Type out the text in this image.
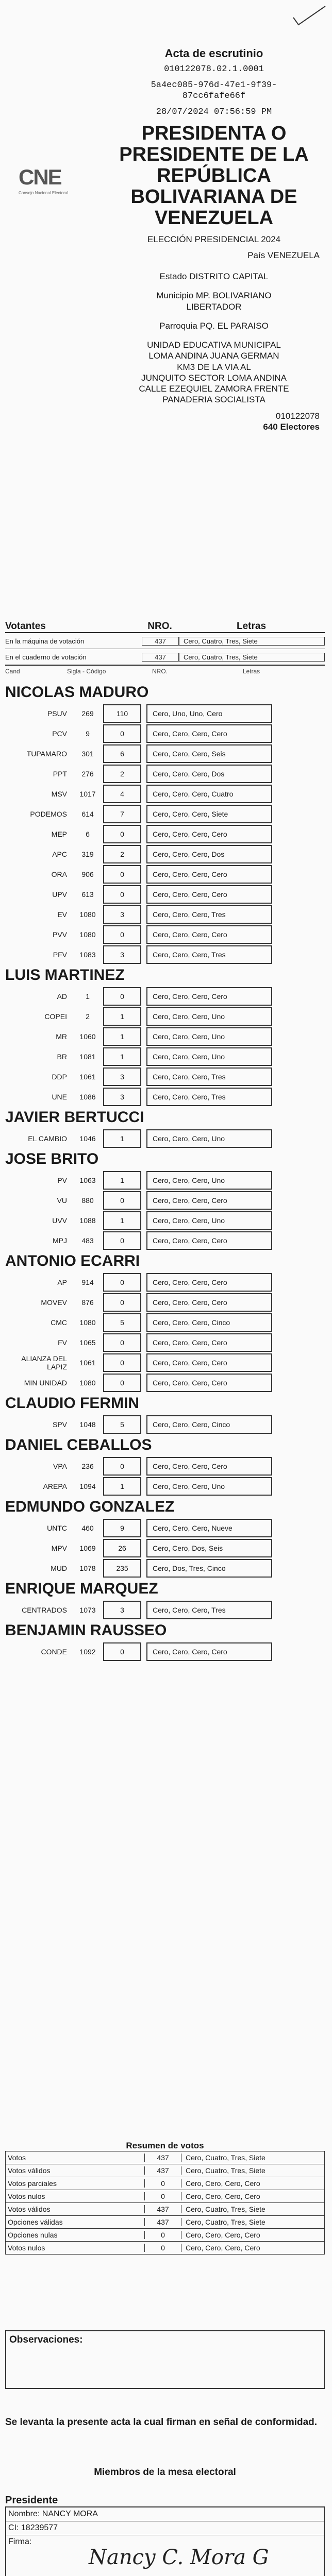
CNE
Consejo Nacional Electoral
Acta de escrutinio
010122078.02.1.0001
5a4ec085-976d-47e1-9f39-
87cc6fafe66f
28/07/2024 07:56:59 PM
PRESIDENTA O
PRESIDENTE DE LA
REPÚBLICA
BOLIVARIANA DE
VENEZUELA
ELECCIÓN PRESIDENCIAL 2024
País VENEZUELA
Estado DISTRITO CAPITAL
Municipio MP. BOLIVARIANO
LIBERTADOR
Parroquia PQ. EL PARAISO
UNIDAD EDUCATIVA MUNICIPAL
LOMA ANDINA JUANA GERMAN
KM3 DE LA VIA AL
JUNQUITO SECTOR LOMA ANDINA
CALLE EZEQUIEL ZAMORA FRENTE
PANADERIA SOCIALISTA
010122078
640 Electores
Votantes	NRO.	Letras
En la máquina de votación	437	Cero, Cuatro, Tres, Siete
En el cuaderno de votación	437	Cero, Cuatro, Tres, Siete
Cand	Sigla - Código	NRO.	Letras
NICOLAS MADURO
PSUV	269	110	Cero, Uno, Uno, Cero
PCV	9	0	Cero, Cero, Cero, Cero
TUPAMARO	301	6	Cero, Cero, Cero, Seis
PPT	276	2	Cero, Cero, Cero, Dos
MSV	1017	4	Cero, Cero, Cero, Cuatro
PODEMOS	614	7	Cero, Cero, Cero, Siete
MEP	6	0	Cero, Cero, Cero, Cero
APC	319	2	Cero, Cero, Cero, Dos
ORA	906	0	Cero, Cero, Cero, Cero
UPV	613	0	Cero, Cero, Cero, Cero
EV	1080	3	Cero, Cero, Cero, Tres
PVV	1080	0	Cero, Cero, Cero, Cero
PFV	1083	3	Cero, Cero, Cero, Tres
LUIS MARTINEZ
AD	1	0	Cero, Cero, Cero, Cero
COPEI	2	1	Cero, Cero, Cero, Uno
MR	1060	1	Cero, Cero, Cero, Uno
BR	1081	1	Cero, Cero, Cero, Uno
DDP	1061	3	Cero, Cero, Cero, Tres
UNE	1086	3	Cero, Cero, Cero, Tres
JAVIER BERTUCCI
EL CAMBIO	1046	1	Cero, Cero, Cero, Uno
JOSE BRITO
PV	1063	1	Cero, Cero, Cero, Uno
VU	880	0	Cero, Cero, Cero, Cero
UVV	1088	1	Cero, Cero, Cero, Uno
MPJ	483	0	Cero, Cero, Cero, Cero
ANTONIO ECARRI
AP	914	0	Cero, Cero, Cero, Cero
MOVEV	876	0	Cero, Cero, Cero, Cero
CMC	1080	5	Cero, Cero, Cero, Cinco
FV	1065	0	Cero, Cero, Cero, Cero
ALIANZA DEL LAPIZ	1061	0	Cero, Cero, Cero, Cero
MIN UNIDAD	1080	0	Cero, Cero, Cero, Cero
CLAUDIO FERMIN
SPV	1048	5	Cero, Cero, Cero, Cinco
DANIEL CEBALLOS
VPA	236	0	Cero, Cero, Cero, Cero
AREPA	1094	1	Cero, Cero, Cero, Uno
EDMUNDO GONZALEZ
UNTC	460	9	Cero, Cero, Cero, Nueve
MPV	1069	26	Cero, Cero, Dos, Seis
MUD	1078	235	Cero, Dos, Tres, Cinco
ENRIQUE MARQUEZ
CENTRADOS	1073	3	Cero, Cero, Cero, Tres
BENJAMIN RAUSSEO
CONDE	1092	0	Cero, Cero, Cero, Cero
Resumen de votos
Votos	437	Cero, Cuatro, Tres, Siete
Votos válidos	437	Cero, Cuatro, Tres, Siete
Votos parciales	0	Cero, Cero, Cero, Cero
Votos nulos	0	Cero, Cero, Cero, Cero
Votos válidos	437	Cero, Cuatro, Tres, Siete
Opciones válidas	437	Cero, Cuatro, Tres, Siete
Opciones nulas	0	Cero, Cero, Cero, Cero
Votos nulos	0	Cero, Cero, Cero, Cero
Observaciones:
Se levanta la presente acta la cual firman en señal de conformidad.
Miembros de la mesa electoral
Presidente
Nombre: NANCY MORA
CI: 18239577
Firma:
Nancy C. Mora G
